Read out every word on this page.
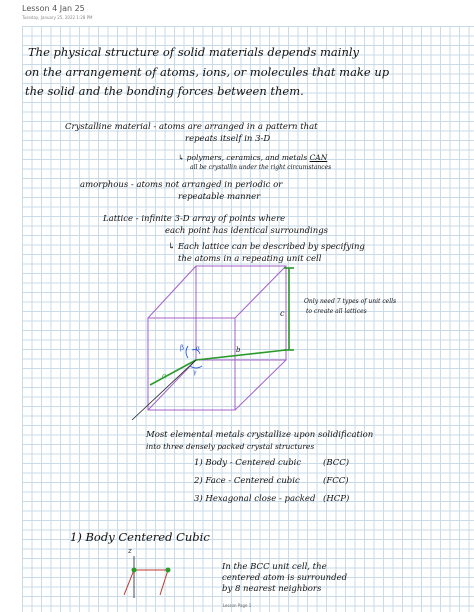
Lesson 4 Jan 25
Tuesday, January 25, 2022 1:28 PM
The physical structure of solid materials depends mainly
on the arrangement of atoms, ions, or molecules that make up
the solid and the bonding forces between them.
Crystalline material - atoms are arranged in a pattern that
repeats itself in 3-D
↳ polymers, ceramics, and metals CAN
all be crystallin under the right circumstances
amorphous - atoms not arranged in periodic or
repeatable manner
Lattice - infinite 3-D array of points where
each point has identical surroundings
↳ Each lattice can be described by specifying
the atoms in a repeating unit cell
Only need 7 types of unit cells
to create all lattices
a
b
c
α
β
γ
z
Most elemental metals crystallize upon solidification
into three densely packed crystal structures
1) Body - Centered cubic	(BCC)
2) Face - Centered cubic	(FCC)
3) Hexagonal close - packed (HCP)
1) Body Centered Cubic
In the BCC unit cell, the
centered atom is surrounded
by 8 nearest neighbors
Lesson Page 1
